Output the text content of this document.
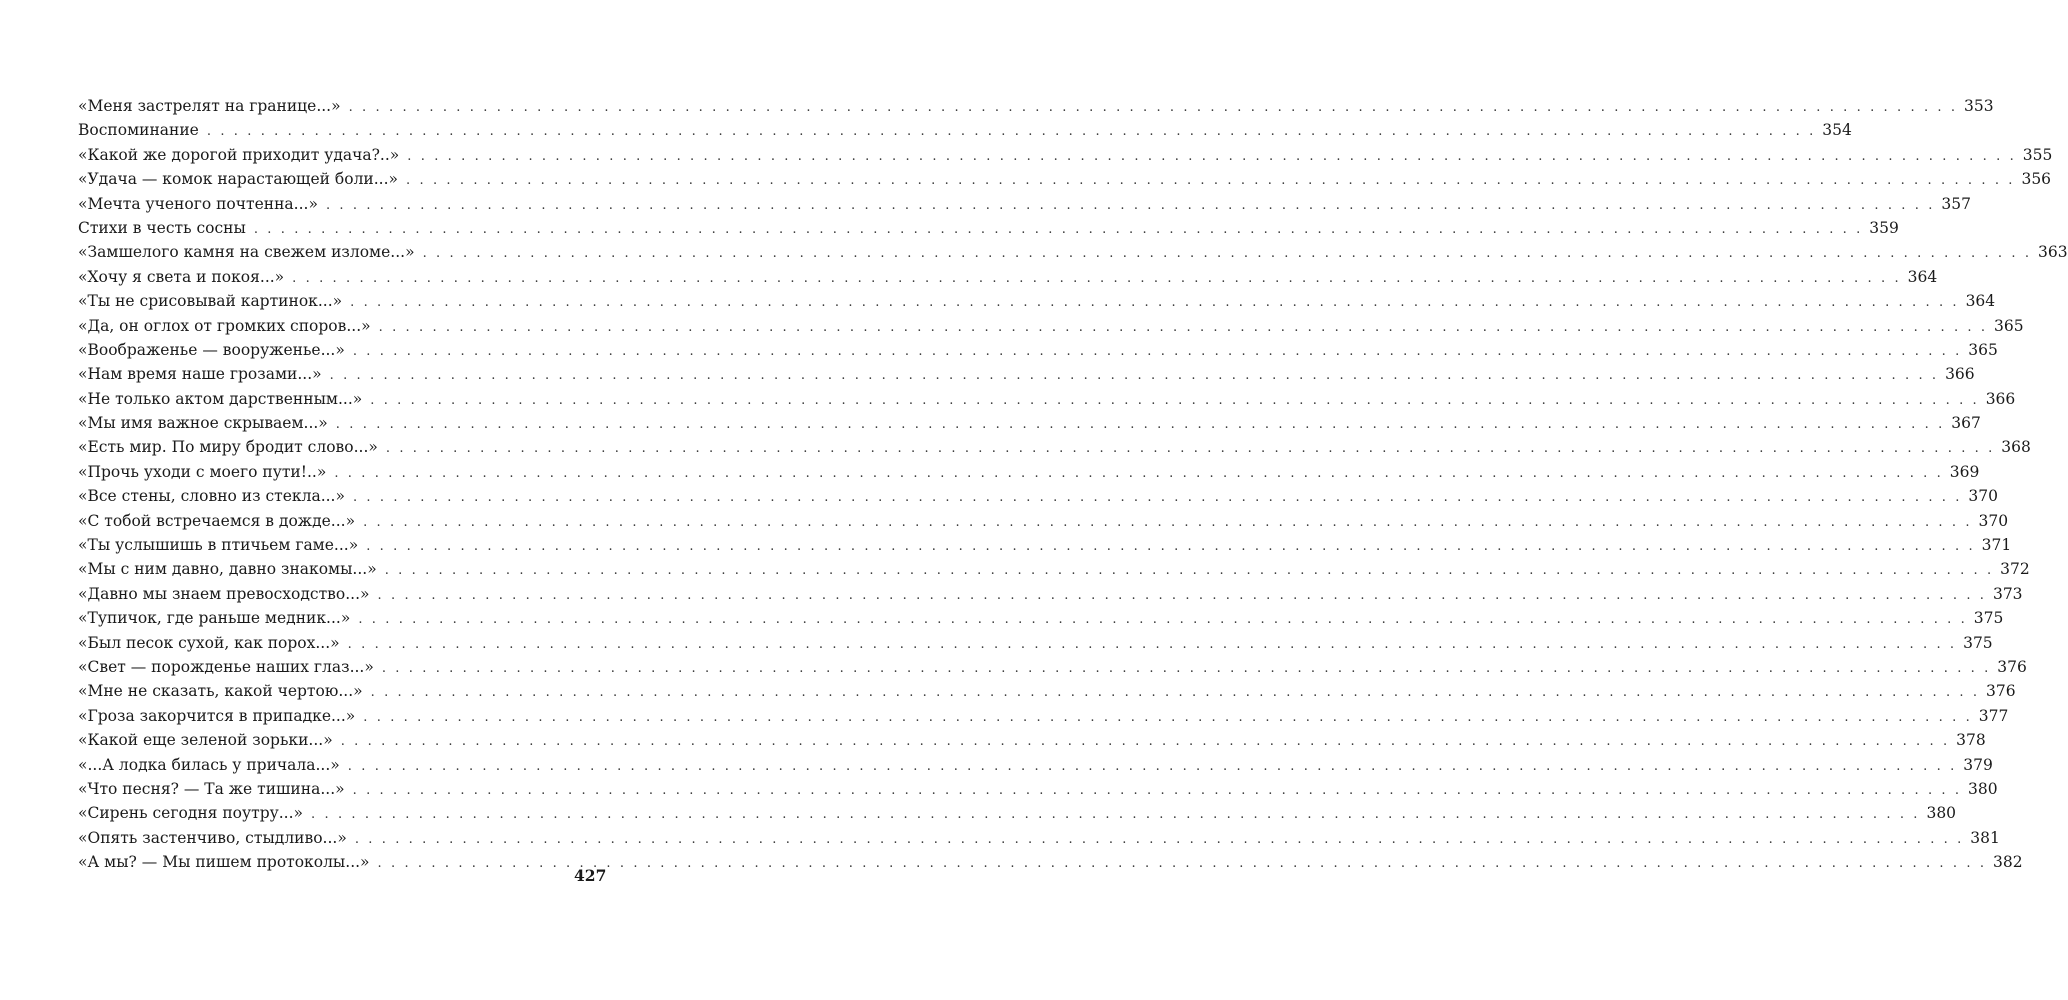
«Меня застрелят на границе...» . . . . . . . . . . . . . . . . . . . . . . . . . . . . . . . . . . . . . . . . . . . . . . . . . . . . . . . . . . . . . . . . . . . . . . . . . . . . . . . . . . . . . . . . . . . . . . . . . . . . . . . . . . . . . . . . . . . . . . . . 353
Воспоминание . . . . . . . . . . . . . . . . . . . . . . . . . . . . . . . . . . . . . . . . . . . . . . . . . . . . . . . . . . . . . . . . . . . . . . . . . . . . . . . . . . . . . . . . . . . . . . . . . . . . . . . . . . . . . . . . . . . . . . . . 354
«Какой же дорогой приходит удача?..» . . . . . . . . . . . . . . . . . . . . . . . . . . . . . . . . . . . . . . . . . . . . . . . . . . . . . . . . . . . . . . . . . . . . . . . . . . . . . . . . . . . . . . . . . . . . . . . . . . . . . . . . . . . . . . . . . . . . . . . . 355
«Удача — комок нарастающей боли...» . . . . . . . . . . . . . . . . . . . . . . . . . . . . . . . . . . . . . . . . . . . . . . . . . . . . . . . . . . . . . . . . . . . . . . . . . . . . . . . . . . . . . . . . . . . . . . . . . . . . . . . . . . . . . . . . . . . . . . . . 356
«Мечта ученого почтенна...» . . . . . . . . . . . . . . . . . . . . . . . . . . . . . . . . . . . . . . . . . . . . . . . . . . . . . . . . . . . . . . . . . . . . . . . . . . . . . . . . . . . . . . . . . . . . . . . . . . . . . . . . . . . . . . . . . . . . . . . . 357
Стихи в честь сосны . . . . . . . . . . . . . . . . . . . . . . . . . . . . . . . . . . . . . . . . . . . . . . . . . . . . . . . . . . . . . . . . . . . . . . . . . . . . . . . . . . . . . . . . . . . . . . . . . . . . . . . . . . . . . . . . . . . . . . . . 359
«Замшелого камня на свежем изломе...» . . . . . . . . . . . . . . . . . . . . . . . . . . . . . . . . . . . . . . . . . . . . . . . . . . . . . . . . . . . . . . . . . . . . . . . . . . . . . . . . . . . . . . . . . . . . . . . . . . . . . . . . . . . . . . . . . . . . . . . . 363
«Хочу я света и покоя...» . . . . . . . . . . . . . . . . . . . . . . . . . . . . . . . . . . . . . . . . . . . . . . . . . . . . . . . . . . . . . . . . . . . . . . . . . . . . . . . . . . . . . . . . . . . . . . . . . . . . . . . . . . . . . . . . . . . . . . . . 364
«Ты не срисовывай картинок...» . . . . . . . . . . . . . . . . . . . . . . . . . . . . . . . . . . . . . . . . . . . . . . . . . . . . . . . . . . . . . . . . . . . . . . . . . . . . . . . . . . . . . . . . . . . . . . . . . . . . . . . . . . . . . . . . . . . . . . . . 364
«Да, он оглох от громких споров...» . . . . . . . . . . . . . . . . . . . . . . . . . . . . . . . . . . . . . . . . . . . . . . . . . . . . . . . . . . . . . . . . . . . . . . . . . . . . . . . . . . . . . . . . . . . . . . . . . . . . . . . . . . . . . . . . . . . . . . . . 365
«Воображенье — вооруженье...» . . . . . . . . . . . . . . . . . . . . . . . . . . . . . . . . . . . . . . . . . . . . . . . . . . . . . . . . . . . . . . . . . . . . . . . . . . . . . . . . . . . . . . . . . . . . . . . . . . . . . . . . . . . . . . . . . . . . . . . . 365
«Нам время наше грозами...» . . . . . . . . . . . . . . . . . . . . . . . . . . . . . . . . . . . . . . . . . . . . . . . . . . . . . . . . . . . . . . . . . . . . . . . . . . . . . . . . . . . . . . . . . . . . . . . . . . . . . . . . . . . . . . . . . . . . . . . . 366
«Не только актом дарственным...» . . . . . . . . . . . . . . . . . . . . . . . . . . . . . . . . . . . . . . . . . . . . . . . . . . . . . . . . . . . . . . . . . . . . . . . . . . . . . . . . . . . . . . . . . . . . . . . . . . . . . . . . . . . . . . . . . . . . . . . . 366
«Мы имя важное скрываем...» . . . . . . . . . . . . . . . . . . . . . . . . . . . . . . . . . . . . . . . . . . . . . . . . . . . . . . . . . . . . . . . . . . . . . . . . . . . . . . . . . . . . . . . . . . . . . . . . . . . . . . . . . . . . . . . . . . . . . . . . 367
«Есть мир. По миру бродит слово...» . . . . . . . . . . . . . . . . . . . . . . . . . . . . . . . . . . . . . . . . . . . . . . . . . . . . . . . . . . . . . . . . . . . . . . . . . . . . . . . . . . . . . . . . . . . . . . . . . . . . . . . . . . . . . . . . . . . . . . . . 368
«Прочь уходи с моего пути!..» . . . . . . . . . . . . . . . . . . . . . . . . . . . . . . . . . . . . . . . . . . . . . . . . . . . . . . . . . . . . . . . . . . . . . . . . . . . . . . . . . . . . . . . . . . . . . . . . . . . . . . . . . . . . . . . . . . . . . . . . 369
«Все стены, словно из стекла...» . . . . . . . . . . . . . . . . . . . . . . . . . . . . . . . . . . . . . . . . . . . . . . . . . . . . . . . . . . . . . . . . . . . . . . . . . . . . . . . . . . . . . . . . . . . . . . . . . . . . . . . . . . . . . . . . . . . . . . . . 370
«С тобой встречаемся в дожде...» . . . . . . . . . . . . . . . . . . . . . . . . . . . . . . . . . . . . . . . . . . . . . . . . . . . . . . . . . . . . . . . . . . . . . . . . . . . . . . . . . . . . . . . . . . . . . . . . . . . . . . . . . . . . . . . . . . . . . . . . 370
«Ты услышишь в птичьем гаме...» . . . . . . . . . . . . . . . . . . . . . . . . . . . . . . . . . . . . . . . . . . . . . . . . . . . . . . . . . . . . . . . . . . . . . . . . . . . . . . . . . . . . . . . . . . . . . . . . . . . . . . . . . . . . . . . . . . . . . . . . 371
«Мы с ним давно, давно знакомы...» . . . . . . . . . . . . . . . . . . . . . . . . . . . . . . . . . . . . . . . . . . . . . . . . . . . . . . . . . . . . . . . . . . . . . . . . . . . . . . . . . . . . . . . . . . . . . . . . . . . . . . . . . . . . . . . . . . . . . . . . 372
«Давно мы знаем превосходство...» . . . . . . . . . . . . . . . . . . . . . . . . . . . . . . . . . . . . . . . . . . . . . . . . . . . . . . . . . . . . . . . . . . . . . . . . . . . . . . . . . . . . . . . . . . . . . . . . . . . . . . . . . . . . . . . . . . . . . . . . 373
«Тупичок, где раньше медник...» . . . . . . . . . . . . . . . . . . . . . . . . . . . . . . . . . . . . . . . . . . . . . . . . . . . . . . . . . . . . . . . . . . . . . . . . . . . . . . . . . . . . . . . . . . . . . . . . . . . . . . . . . . . . . . . . . . . . . . . . 375
«Был песок сухой, как порох...» . . . . . . . . . . . . . . . . . . . . . . . . . . . . . . . . . . . . . . . . . . . . . . . . . . . . . . . . . . . . . . . . . . . . . . . . . . . . . . . . . . . . . . . . . . . . . . . . . . . . . . . . . . . . . . . . . . . . . . . . 375
«Свет — порожденье наших глаз...» . . . . . . . . . . . . . . . . . . . . . . . . . . . . . . . . . . . . . . . . . . . . . . . . . . . . . . . . . . . . . . . . . . . . . . . . . . . . . . . . . . . . . . . . . . . . . . . . . . . . . . . . . . . . . . . . . . . . . . . . 376
«Мне не сказать, какой чертою...» . . . . . . . . . . . . . . . . . . . . . . . . . . . . . . . . . . . . . . . . . . . . . . . . . . . . . . . . . . . . . . . . . . . . . . . . . . . . . . . . . . . . . . . . . . . . . . . . . . . . . . . . . . . . . . . . . . . . . . . . 376
«Гроза закорчится в припадке...» . . . . . . . . . . . . . . . . . . . . . . . . . . . . . . . . . . . . . . . . . . . . . . . . . . . . . . . . . . . . . . . . . . . . . . . . . . . . . . . . . . . . . . . . . . . . . . . . . . . . . . . . . . . . . . . . . . . . . . . . 377
«Какой еще зеленой зорьки...» . . . . . . . . . . . . . . . . . . . . . . . . . . . . . . . . . . . . . . . . . . . . . . . . . . . . . . . . . . . . . . . . . . . . . . . . . . . . . . . . . . . . . . . . . . . . . . . . . . . . . . . . . . . . . . . . . . . . . . . . 378
«...А лодка билась у причала...» . . . . . . . . . . . . . . . . . . . . . . . . . . . . . . . . . . . . . . . . . . . . . . . . . . . . . . . . . . . . . . . . . . . . . . . . . . . . . . . . . . . . . . . . . . . . . . . . . . . . . . . . . . . . . . . . . . . . . . . . 379
«Что песня? — Та же тишина...» . . . . . . . . . . . . . . . . . . . . . . . . . . . . . . . . . . . . . . . . . . . . . . . . . . . . . . . . . . . . . . . . . . . . . . . . . . . . . . . . . . . . . . . . . . . . . . . . . . . . . . . . . . . . . . . . . . . . . . . . 380
«Сирень сегодня поутру...» . . . . . . . . . . . . . . . . . . . . . . . . . . . . . . . . . . . . . . . . . . . . . . . . . . . . . . . . . . . . . . . . . . . . . . . . . . . . . . . . . . . . . . . . . . . . . . . . . . . . . . . . . . . . . . . . . . . . . . . . 380
«Опять застенчиво, стыдливо...» . . . . . . . . . . . . . . . . . . . . . . . . . . . . . . . . . . . . . . . . . . . . . . . . . . . . . . . . . . . . . . . . . . . . . . . . . . . . . . . . . . . . . . . . . . . . . . . . . . . . . . . . . . . . . . . . . . . . . . . . 381
«А мы? — Мы пишем протоколы...» . . . . . . . . . . . . . . . . . . . . . . . . . . . . . . . . . . . . . . . . . . . . . . . . . . . . . . . . . . . . . . . . . . . . . . . . . . . . . . . . . . . . . . . . . . . . . . . . . . . . . . . . . . . . . . . . . . . . . . . . 382
427
